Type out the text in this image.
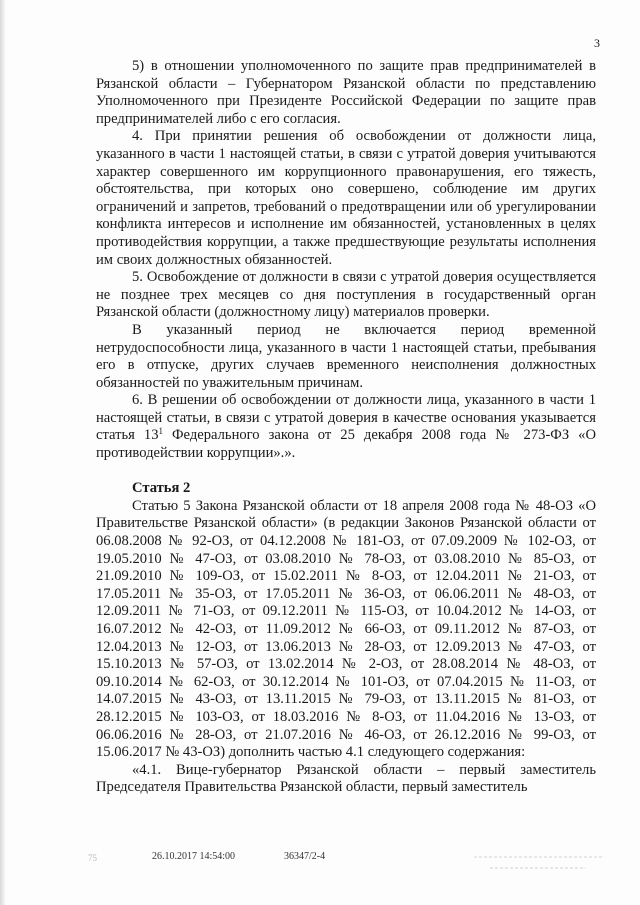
3

5) в отношении уполномоченного по защите прав предпринимателей в Рязанской области – Губернатором Рязанской области по представлению Уполномоченного при Президенте Российской Федерации по защите прав предпринимателей либо с его согласия.

4. При принятии решения об освобождении от должности лица, указанного в части 1 настоящей статьи, в связи с утратой доверия учитываются характер совершенного им коррупционного правонарушения, его тяжесть, обстоятельства, при которых оно совершено, соблюдение им других ограничений и запретов, требований о предотвращении или об урегулировании конфликта интересов и исполнение им обязанностей, установленных в целях противодействия коррупции, а также предшествующие результаты исполнения им своих должностных обязанностей.

5. Освобождение от должности в связи с утратой доверия осуществляется не позднее трех месяцев со дня поступления в государственный орган Рязанской области (должностному лицу) материалов проверки.

В указанный период не включается период временной нетрудоспособности лица, указанного в части 1 настоящей статьи, пребывания его в отпуске, других случаев временного неисполнения должностных обязанностей по уважительным причинам.

6. В решении об освобождении от должности лица, указанного в части 1 настоящей статьи, в связи с утратой доверия в качестве основания указывается статья $13^1$ Федерального закона от 25 декабря 2008 года № 273-ФЗ «О противодействии коррупции».».

Статья 2

Статью 5 Закона Рязанской области от 18 апреля 2008 года № 48-ОЗ «О Правительстве Рязанской области» (в редакции Законов Рязанской области от 06.08.2008 № 92-ОЗ, от 04.12.2008 № 181-ОЗ, от 07.09.2009 № 102-ОЗ, от 19.05.2010 № 47-ОЗ, от 03.08.2010 № 78-ОЗ, от 03.08.2010 № 85-ОЗ, от 21.09.2010 № 109-ОЗ, от 15.02.2011 № 8-ОЗ, от 12.04.2011 № 21-ОЗ, от 17.05.2011 № 35-ОЗ, от 17.05.2011 № 36-ОЗ, от 06.06.2011 № 48-ОЗ, от 12.09.2011 № 71-ОЗ, от 09.12.2011 № 115-ОЗ, от 10.04.2012 № 14-ОЗ, от 16.07.2012 № 42-ОЗ, от 11.09.2012 № 66-ОЗ, от 09.11.2012 № 87-ОЗ, от 12.04.2013 № 12-ОЗ, от 13.06.2013 № 28-ОЗ, от 12.09.2013 № 47-ОЗ, от 15.10.2013 № 57-ОЗ, от 13.02.2014 № 2-ОЗ, от 28.08.2014 № 48-ОЗ, от 09.10.2014 № 62-ОЗ, от 30.12.2014 № 101-ОЗ, от 07.04.2015 № 11-ОЗ, от 14.07.2015 № 43-ОЗ, от 13.11.2015 № 79-ОЗ, от 13.11.2015 № 81-ОЗ, от 28.12.2015 № 103-ОЗ, от 18.03.2016 № 8-ОЗ, от 11.04.2016 № 13-ОЗ, от 06.06.2016 № 28-ОЗ, от 21.07.2016 № 46-ОЗ, от 26.12.2016 № 99-ОЗ, от 15.06.2017 № 43-ОЗ) дополнить частью 4.1 следующего содержания:

«4.1. Вице-губернатор Рязанской области – первый заместитель Председателя Правительства Рязанской области, первый заместитель

75	26.10.2017 14:54:00	36347/2-4
